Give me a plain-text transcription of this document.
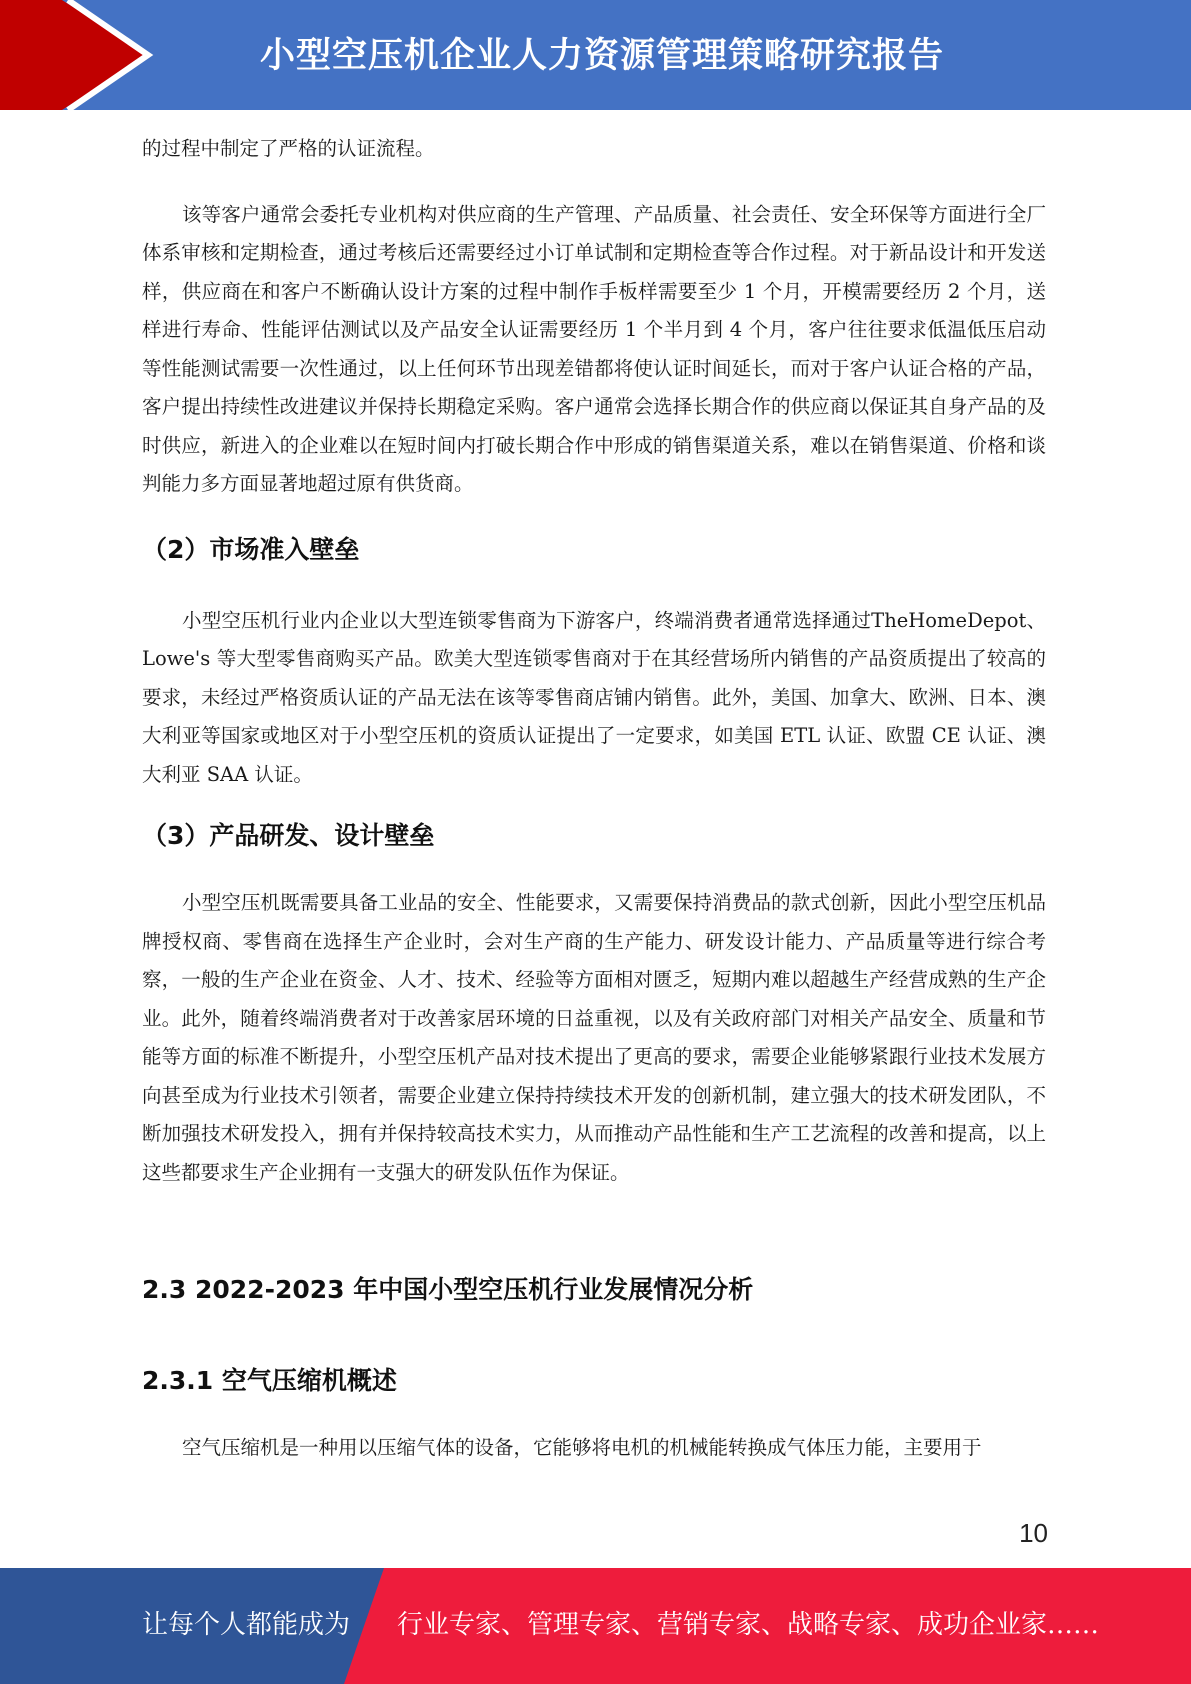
小型空压机企业人力资源管理策略研究报告

的过程中制定了严格的认证流程。

该等客户通常会委托专业机构对供应商的生产管理、产品质量、社会责任、安全环保等方面进行全厂体系审核和定期检查，通过考核后还需要经过小订单试制和定期检查等合作过程。对于新品设计和开发送样，供应商在和客户不断确认设计方案的过程中制作手板样需要至少 1 个月，开模需要经历 2 个月，送样进行寿命、性能评估测试以及产品安全认证需要经历 1 个半月到 4 个月，客户往往要求低温低压启动等性能测试需要一次性通过，以上任何环节出现差错都将使认证时间延长，而对于客户认证合格的产品，客户提出持续性改进建议并保持长期稳定采购。客户通常会选择长期合作的供应商以保证其自身产品的及时供应，新进入的企业难以在短时间内打破长期合作中形成的销售渠道关系，难以在销售渠道、价格和谈判能力多方面显著地超过原有供货商。

（2）市场准入壁垒

小型空压机行业内企业以大型连锁零售商为下游客户，终端消费者通常选择通过TheHomeDepot、Lowe's 等大型零售商购买产品。欧美大型连锁零售商对于在其经营场所内销售的产品资质提出了较高的要求，未经过严格资质认证的产品无法在该等零售商店铺内销售。此外，美国、加拿大、欧洲、日本、澳大利亚等国家或地区对于小型空压机的资质认证提出了一定要求，如美国 ETL 认证、欧盟 CE 认证、澳大利亚 SAA 认证。

（3）产品研发、设计壁垒

小型空压机既需要具备工业品的安全、性能要求，又需要保持消费品的款式创新，因此小型空压机品牌授权商、零售商在选择生产企业时，会对生产商的生产能力、研发设计能力、产品质量等进行综合考察，一般的生产企业在资金、人才、技术、经验等方面相对匮乏，短期内难以超越生产经营成熟的生产企业。此外，随着终端消费者对于改善家居环境的日益重视，以及有关政府部门对相关产品安全、质量和节能等方面的标准不断提升，小型空压机产品对技术提出了更高的要求，需要企业能够紧跟行业技术发展方向甚至成为行业技术引领者，需要企业建立保持持续技术开发的创新机制，建立强大的技术研发团队，不断加强技术研发投入，拥有并保持较高技术实力，从而推动产品性能和生产工艺流程的改善和提高，以上这些都要求生产企业拥有一支强大的研发队伍作为保证。

2.3 2022-2023 年中国小型空压机行业发展情况分析
2.3.1 空气压缩机概述

空气压缩机是一种用以压缩气体的设备，它能够将电机的机械能转换成气体压力能，主要用于

10
让每个人都能成为 行业专家、管理专家、营销专家、战略专家、成功企业家……
